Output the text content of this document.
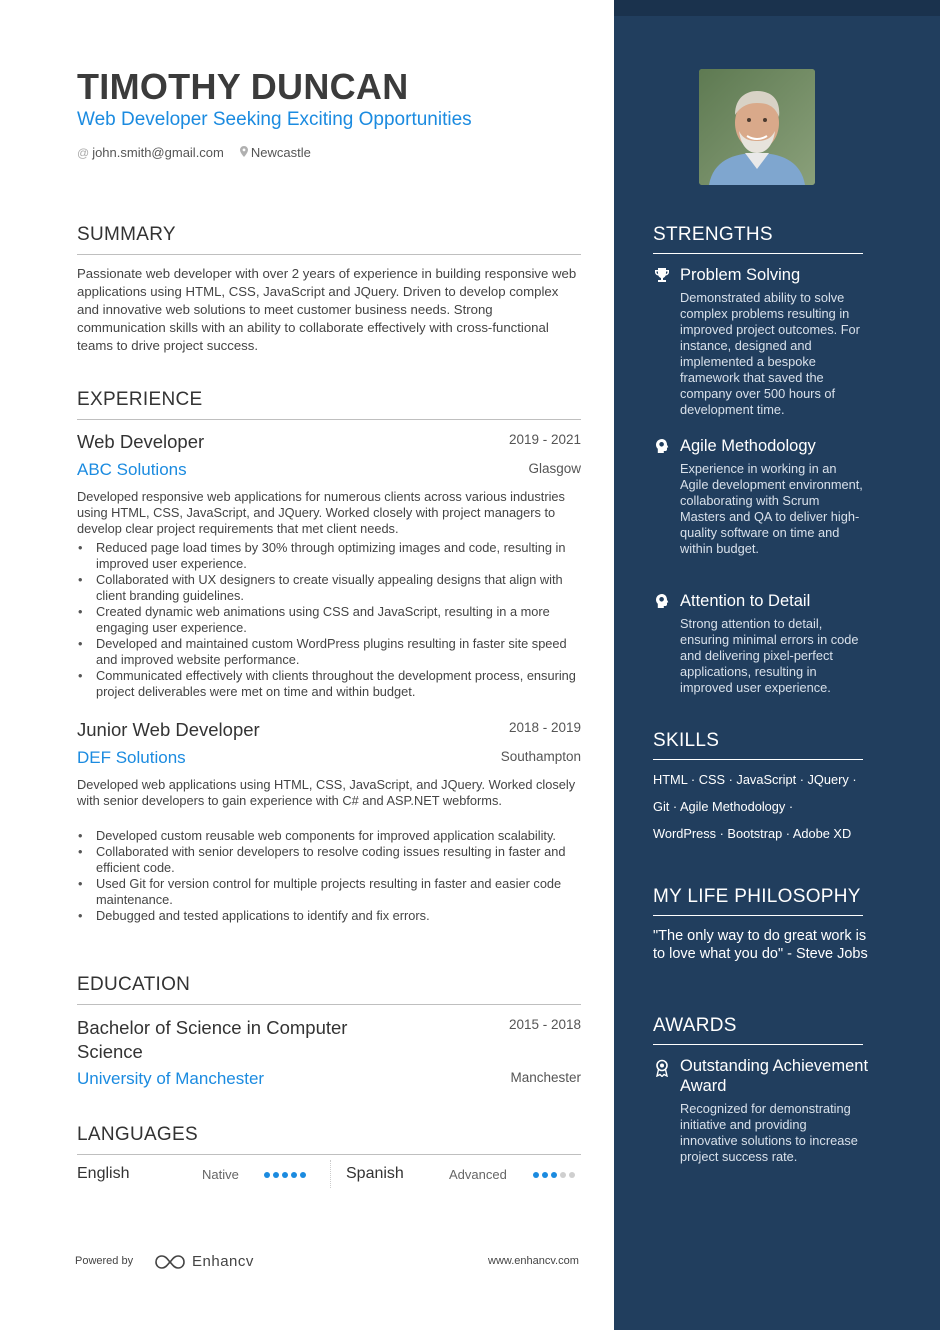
TIMOTHY DUNCAN
Web Developer Seeking Exciting Opportunities
@ john.smith@gmail.com Newcastle
SUMMARY
Passionate web developer with over 2 years of experience in building responsive web applications using HTML, CSS, JavaScript and JQuery. Driven to develop complex and innovative web solutions to meet customer business needs. Strong communication skills with an ability to collaborate effectively with cross-functional teams to drive project success.
EXPERIENCE
Web Developer	2019 - 2021
ABC Solutions	Glasgow
Developed responsive web applications for numerous clients across various industries using HTML, CSS, JavaScript, and JQuery. Worked closely with project managers to develop clear project requirements that met client needs.
• Reduced page load times by 30% through optimizing images and code, resulting in improved user experience.
• Collaborated with UX designers to create visually appealing designs that align with client branding guidelines.
• Created dynamic web animations using CSS and JavaScript, resulting in a more engaging user experience.
• Developed and maintained custom WordPress plugins resulting in faster site speed and improved website performance.
• Communicated effectively with clients throughout the development process, ensuring project deliverables were met on time and within budget.
Junior Web Developer	2018 - 2019
DEF Solutions	Southampton
Developed web applications using HTML, CSS, JavaScript, and JQuery. Worked closely with senior developers to gain experience with C# and ASP.NET webforms.
• Developed custom reusable web components for improved application scalability.
• Collaborated with senior developers to resolve coding issues resulting in faster and efficient code.
• Used Git for version control for multiple projects resulting in faster and easier code maintenance.
• Debugged and tested applications to identify and fix errors.
EDUCATION
Bachelor of Science in Computer Science
2015 - 2018
University of Manchester	Manchester
LANGUAGES
English	Native	Spanish	Advanced
Powered by	Enhancv	www.enhancv.com
STRENGTHS
Problem Solving
Demonstrated ability to solve complex problems resulting in improved project outcomes. For instance, designed and implemented a bespoke framework that saved the company over 500 hours of development time.
Agile Methodology
Experience in working in an Agile development environment, collaborating with Scrum Masters and QA to deliver high-quality software on time and within budget.
Attention to Detail
Strong attention to detail, ensuring minimal errors in code and delivering pixel-perfect applications, resulting in improved user experience.
SKILLS
HTML · CSS · JavaScript · JQuery ·
Git · Agile Methodology ·
WordPress · Bootstrap · Adobe XD
MY LIFE PHILOSOPHY
"The only way to do great work is to love what you do" - Steve Jobs
AWARDS
Outstanding Achievement Award
Recognized for demonstrating initiative and providing innovative solutions to increase project success rate.
